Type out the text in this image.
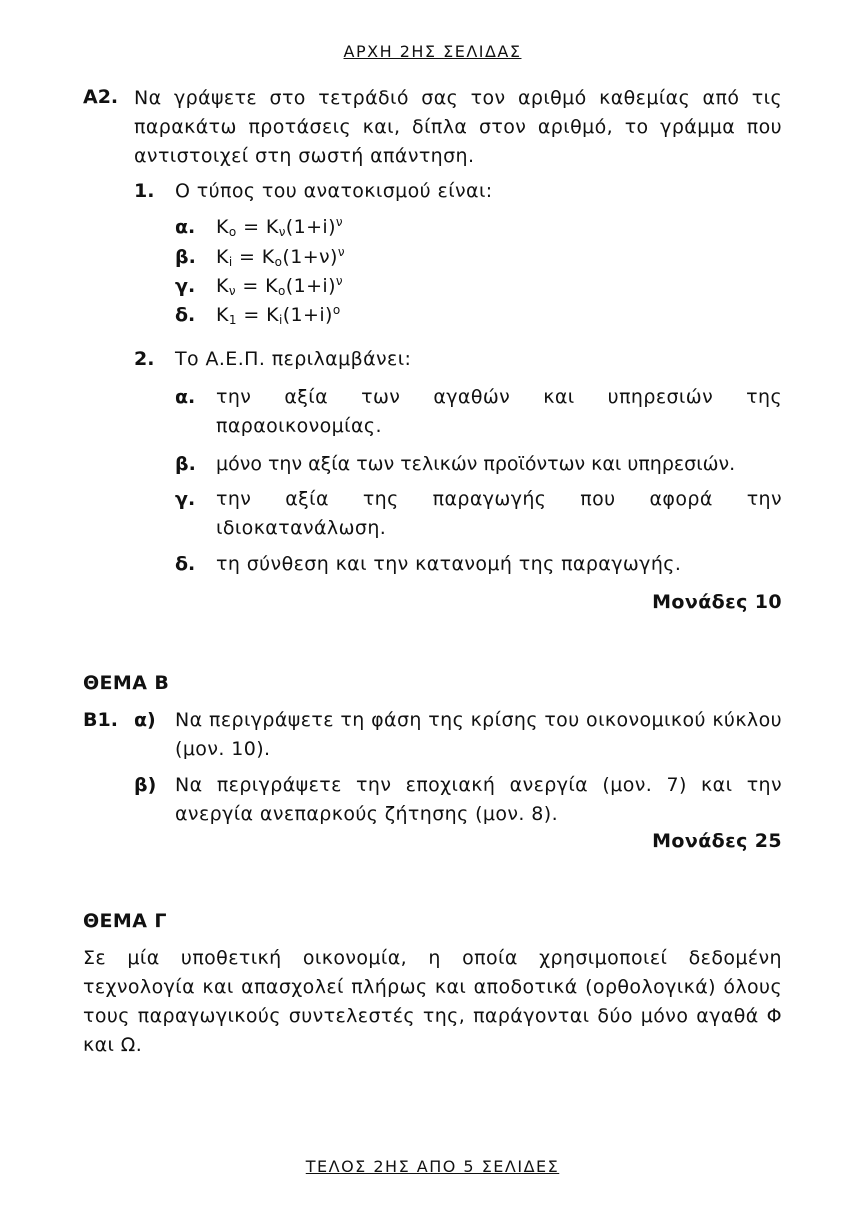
ΑΡΧΗ 2ΗΣ ΣΕΛΙΔΑΣ
Α2. Να γράψετε στο τετράδιό σας τον αριθμό καθεμίας από τις παρακάτω προτάσεις και, δίπλα στον αριθμό, το γράμμα που αντιστοιχεί στη σωστή απάντηση.
1. Ο τύπος του ανατοκισμού είναι:
α. $K_o = K_\nu(1+i)^\nu$
β. $K_i = K_o(1+\nu)^\nu$
γ. $K_\nu = K_o(1+i)^\nu$
δ. $K_1 = K_i(1+i)^o$
2. Το Α.Ε.Π. περιλαμβάνει:
α. την αξία των αγαθών και υπηρεσιών της παραοικονομίας.
β. μόνο την αξία των τελικών προϊόντων και υπηρεσιών.
γ. την αξία της παραγωγής που αφορά την ιδιοκατανάλωση.
δ. τη σύνθεση και την κατανομή της παραγωγής.
Μονάδες 10
ΘΕΜΑ Β
Β1. α) Να περιγράψετε τη φάση της κρίσης του οικονομικού κύκλου (μον. 10).
β) Να περιγράψετε την εποχιακή ανεργία (μον. 7) και την ανεργία ανεπαρκούς ζήτησης (μον. 8).
Μονάδες 25
ΘΕΜΑ Γ
Σε μία υποθετική οικονομία, η οποία χρησιμοποιεί δεδομένη τεχνολογία και απασχολεί πλήρως και αποδοτικά (ορθολογικά) όλους τους παραγωγικούς συντελεστές της, παράγονται δύο μόνο αγαθά Φ και Ω.
ΤΕΛΟΣ 2ΗΣ ΑΠΟ 5 ΣΕΛΙΔΕΣ
